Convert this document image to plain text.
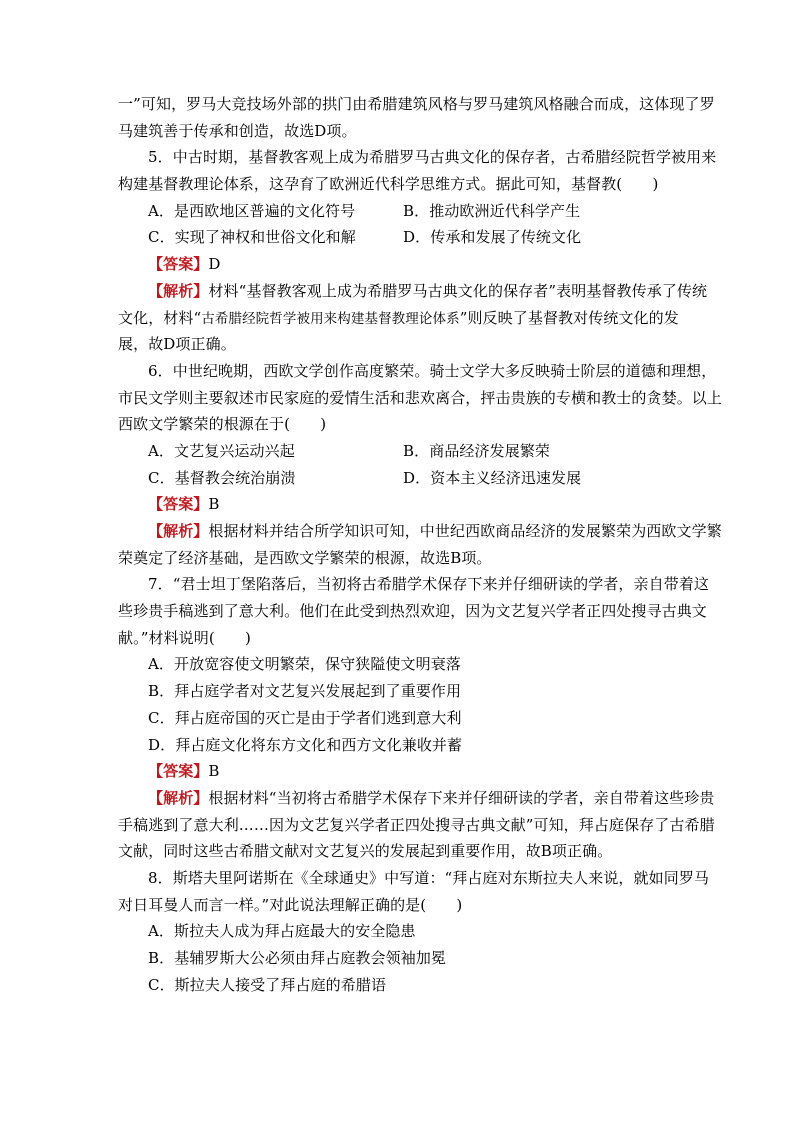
一”可知，罗马大竞技场外部的拱门由希腊建筑风格与罗马建筑风格融合而成，这体现了罗
马建筑善于传承和创造，故选D项。
5．中古时期，基督教客观上成为希腊罗马古典文化的保存者，古希腊经院哲学被用来
构建基督教理论体系，这孕育了欧洲近代科学思维方式。据此可知，基督教(　　)
A．是西欧地区普遍的文化符号	B．推动欧洲近代科学产生
C．实现了神权和世俗文化和解	D．传承和发展了传统文化
【答案】D
【解析】材料“基督教客观上成为希腊罗马古典文化的保存者”表明基督教传承了传统
文化，材料“古希腊经院哲学被用来构建基督教理论体系”则反映了基督教对传统文化的发
展，故D项正确。
6．中世纪晚期，西欧文学创作高度繁荣。骑士文学大多反映骑士阶层的道德和理想，
市民文学则主要叙述市民家庭的爱情生活和悲欢离合，抨击贵族的专横和教士的贪婪。以上
西欧文学繁荣的根源在于(　　)
A．文艺复兴运动兴起	B．商品经济发展繁荣
C．基督教会统治崩溃	D．资本主义经济迅速发展
【答案】B
【解析】根据材料并结合所学知识可知，中世纪西欧商品经济的发展繁荣为西欧文学繁
荣奠定了经济基础，是西欧文学繁荣的根源，故选B项。
7．“君士坦丁堡陷落后，当初将古希腊学术保存下来并仔细研读的学者，亲自带着这
些珍贵手稿逃到了意大利。他们在此受到热烈欢迎，因为文艺复兴学者正四处搜寻古典文
献。”材料说明(　　)
A．开放宽容使文明繁荣，保守狭隘使文明衰落
B．拜占庭学者对文艺复兴发展起到了重要作用
C．拜占庭帝国的灭亡是由于学者们逃到意大利
D．拜占庭文化将东方文化和西方文化兼收并蓄
【答案】B
【解析】根据材料“当初将古希腊学术保存下来并仔细研读的学者，亲自带着这些珍贵
手稿逃到了意大利……因为文艺复兴学者正四处搜寻古典文献”可知，拜占庭保存了古希腊
文献，同时这些古希腊文献对文艺复兴的发展起到重要作用，故B项正确。
8．斯塔夫里阿诺斯在《全球通史》中写道：“拜占庭对东斯拉夫人来说，就如同罗马
对日耳曼人而言一样。”对此说法理解正确的是(　　)
A．斯拉夫人成为拜占庭最大的安全隐患
B．基辅罗斯大公必须由拜占庭教会领袖加冕
C．斯拉夫人接受了拜占庭的希腊语
